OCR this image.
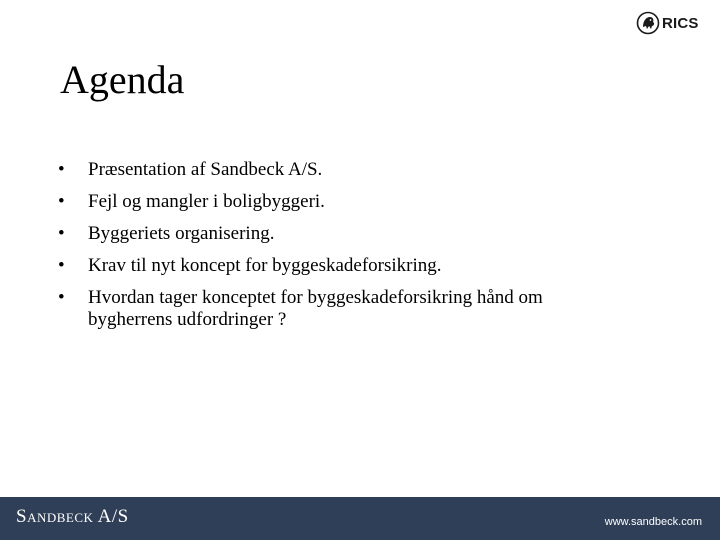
RICS
Agenda
• Præsentation af Sandbeck A/S.
• Fejl og mangler i boligbyggeri.
• Byggeriets organisering.
• Krav til nyt koncept for byggeskadeforsikring.
• Hvordan tager konceptet for byggeskadeforsikring hånd om bygherrens udfordringer ?
Sandbeck A/S	www.sandbeck.com
